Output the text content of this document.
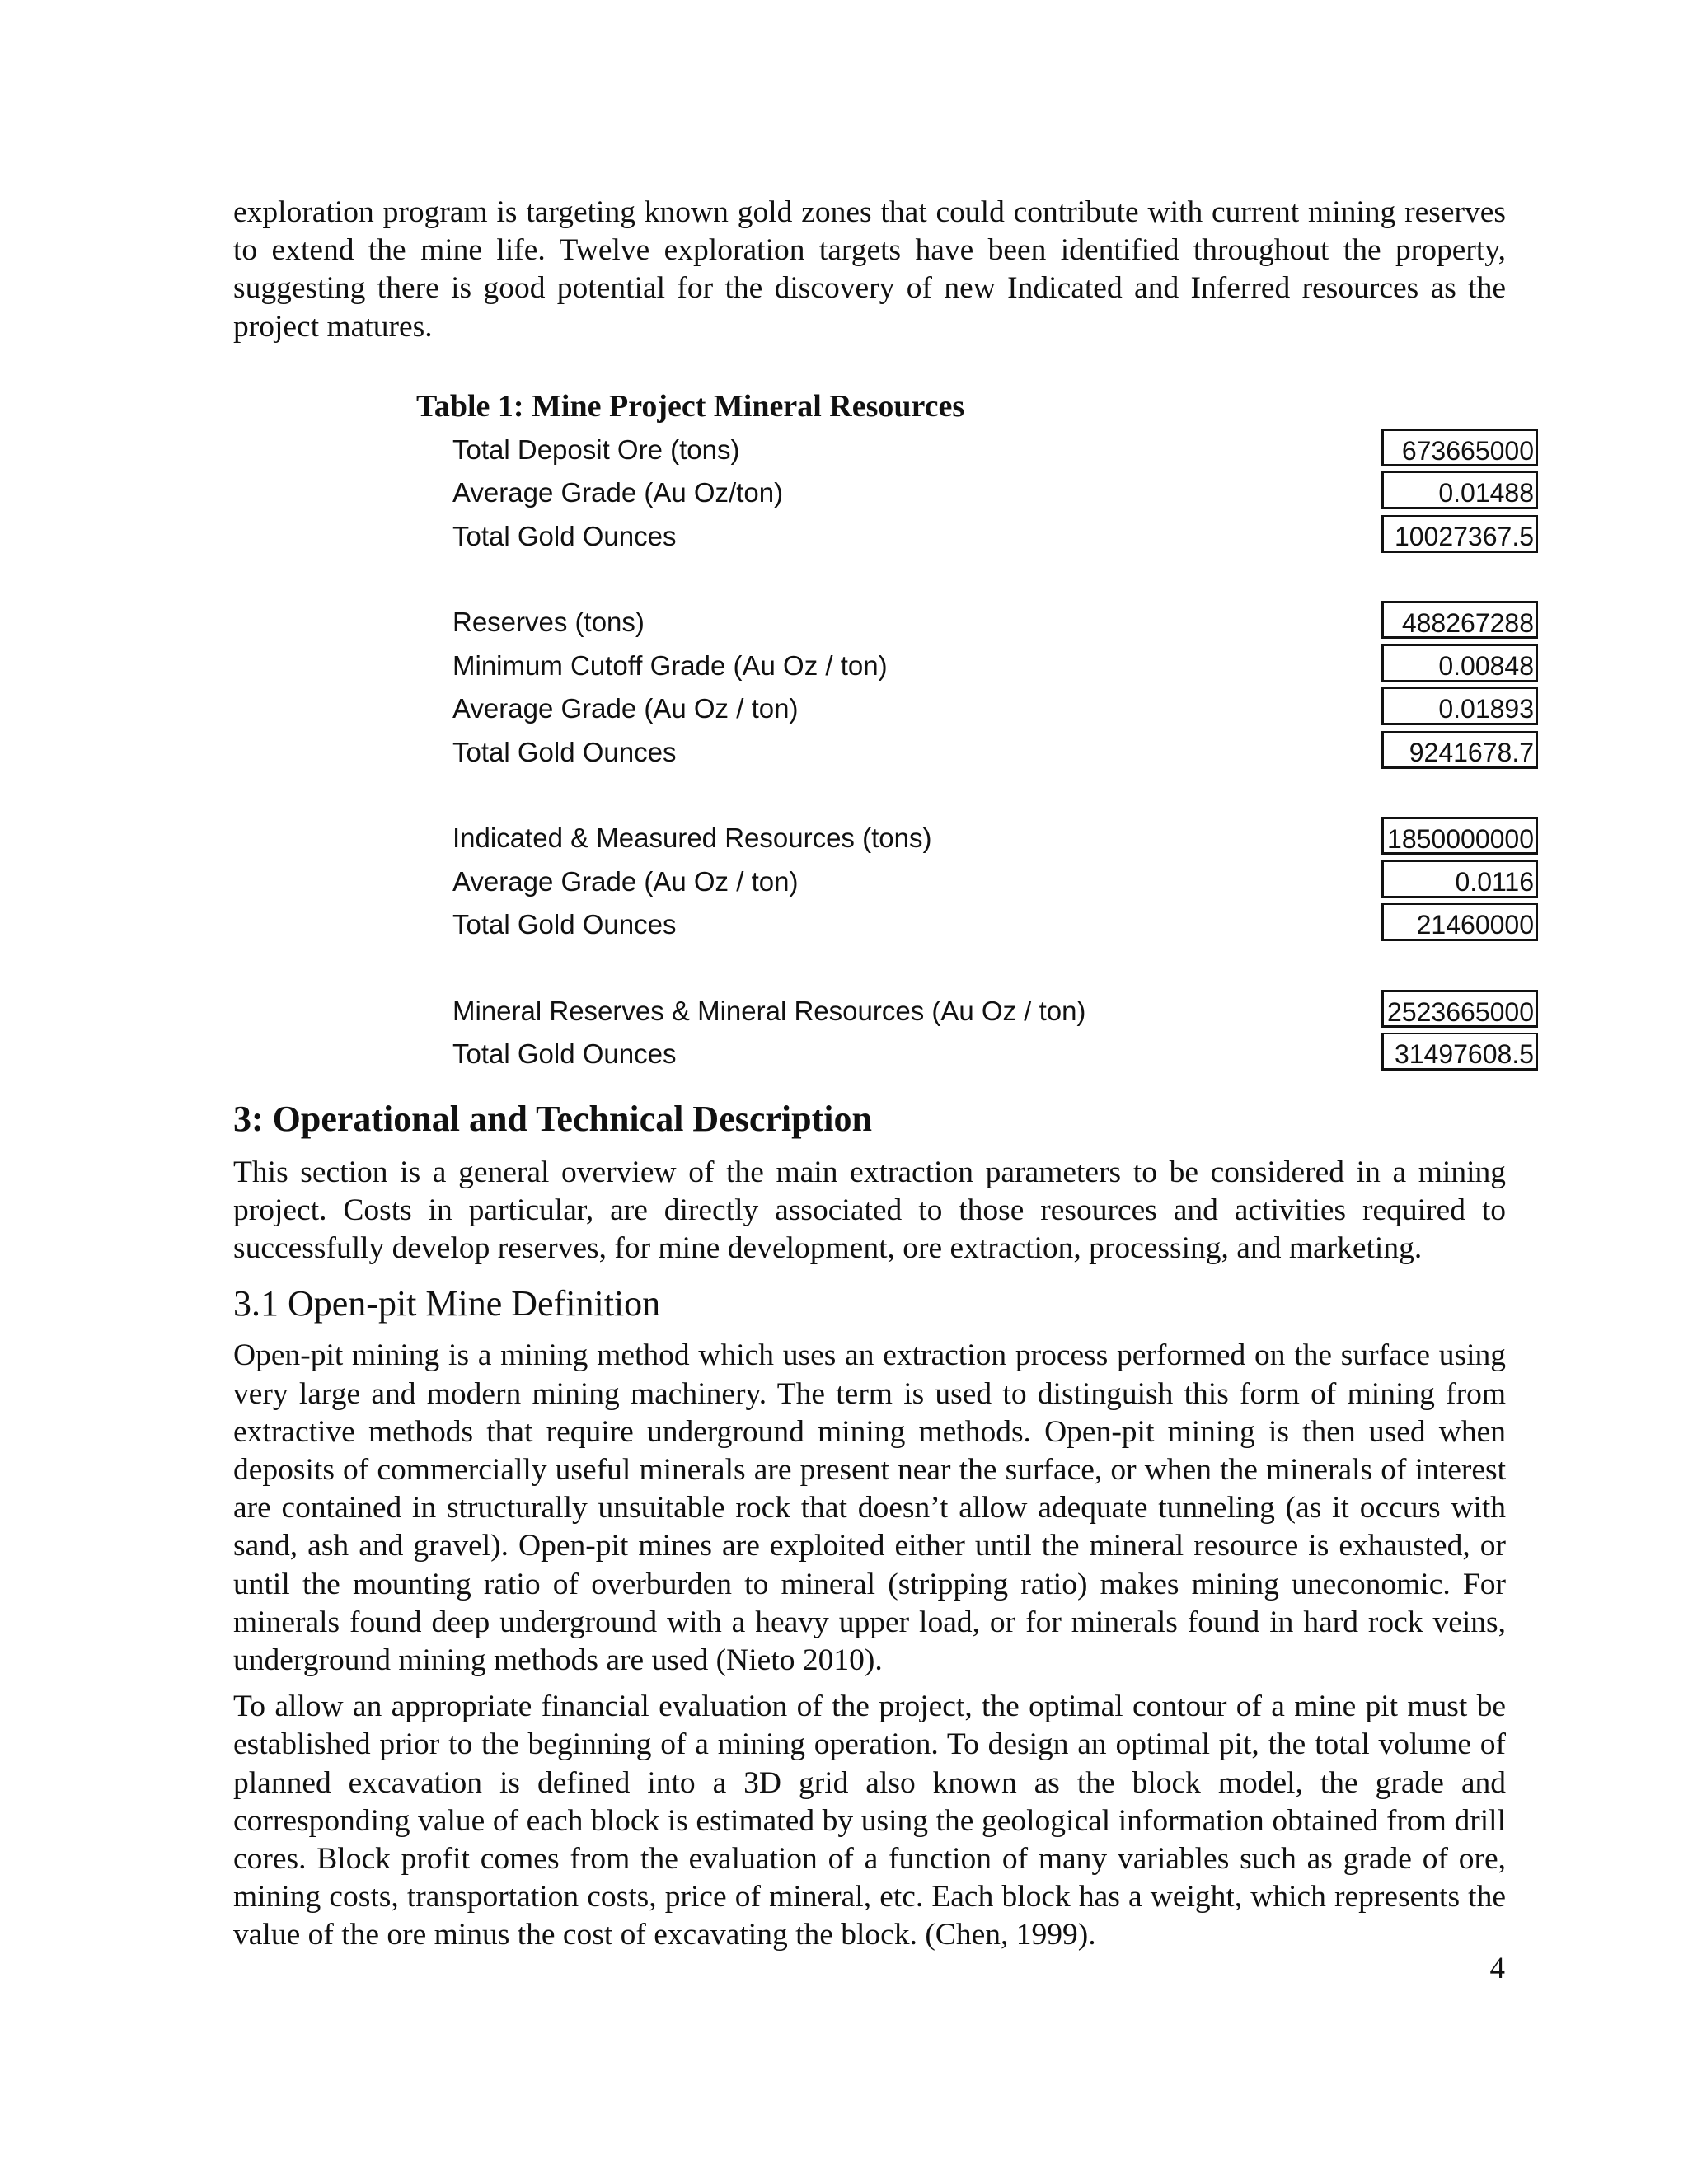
exploration program is targeting known gold zones that could contribute with current mining reserves to extend the mine life. Twelve exploration targets have been identified throughout the property, suggesting there is good potential for the discovery of new Indicated and Inferred resources as the project matures.

Table 1: Mine Project Mineral Resources
Total Deposit Ore (tons)	673665000
Average Grade (Au Oz/ton)	0.01488
Total Gold Ounces	10027367.5
Reserves (tons)	488267288
Minimum Cutoff Grade (Au Oz / ton)	0.00848
Average Grade (Au Oz / ton)	0.01893
Total Gold Ounces	9241678.7
Indicated & Measured Resources (tons)	1850000000
Average Grade (Au Oz / ton)	0.0116
Total Gold Ounces	21460000
Mineral Reserves & Mineral Resources (Au Oz / ton)	2523665000
Total Gold Ounces	31497608.5
3: Operational and Technical Description

This section is a general overview of the main extraction parameters to be considered in a mining project. Costs in particular, are directly associated to those resources and activities required to successfully develop reserves, for mine development, ore extraction, processing, and marketing.

3.1 Open-pit Mine Definition

Open-pit mining is a mining method which uses an extraction process performed on the surface using very large and modern mining machinery. The term is used to distinguish this form of mining from extractive methods that require underground mining methods. Open-pit mining is then used when deposits of commercially useful minerals are present near the surface, or when the minerals of interest are contained in structurally unsuitable rock that doesn’t allow adequate tunneling (as it occurs with sand, ash and gravel). Open-pit mines are exploited either until the mineral resource is exhausted, or until the mounting ratio of overburden to mineral (stripping ratio) makes mining uneconomic. For minerals found deep underground with a heavy upper load, or for minerals found in hard rock veins, underground mining methods are used (Nieto 2010).

To allow an appropriate financial evaluation of the project, the optimal contour of a mine pit must be established prior to the beginning of a mining operation. To design an optimal pit, the total volume of planned excavation is defined into a 3D grid also known as the block model, the grade and corresponding value of each block is estimated by using the geological information obtained from drill cores. Block profit comes from the evaluation of a function of many variables such as grade of ore, mining costs, transportation costs, price of mineral, etc. Each block has a weight, which represents the value of the ore minus the cost of excavating the block. (Chen, 1999).

4
